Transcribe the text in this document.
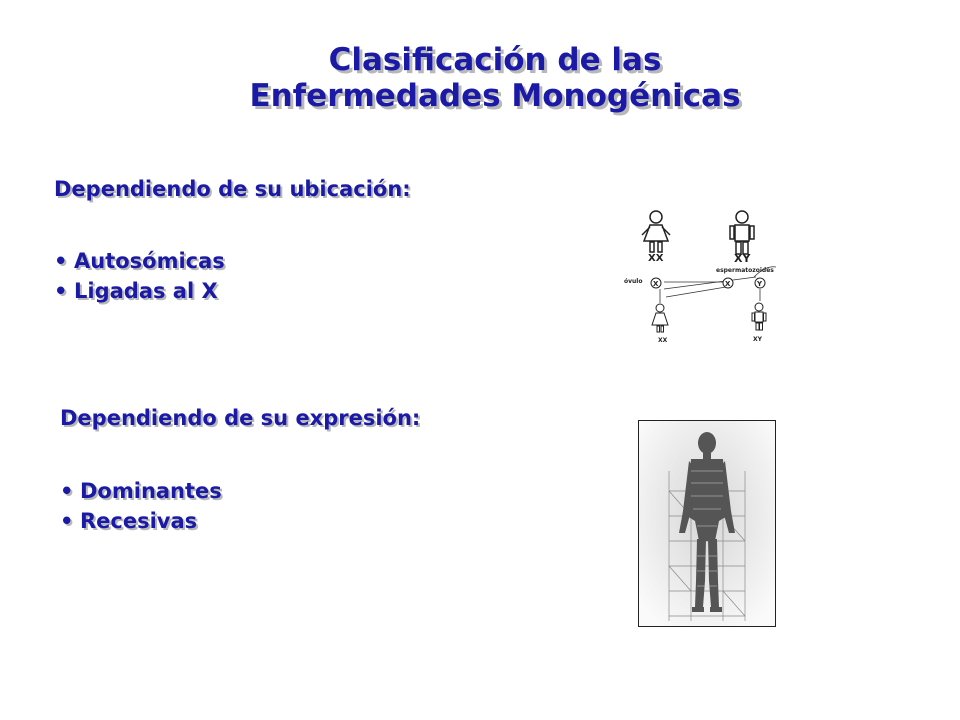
Clasificación de las
Enfermedades Monogénicas
Dependiendo de su ubicación:
• Autosómicas
• Ligadas al X
Dependiendo de su expresión:
• Dominantes
• Recesivas
XX	XY
espermatozoides
óvulo X	X	Y
XX	XY
